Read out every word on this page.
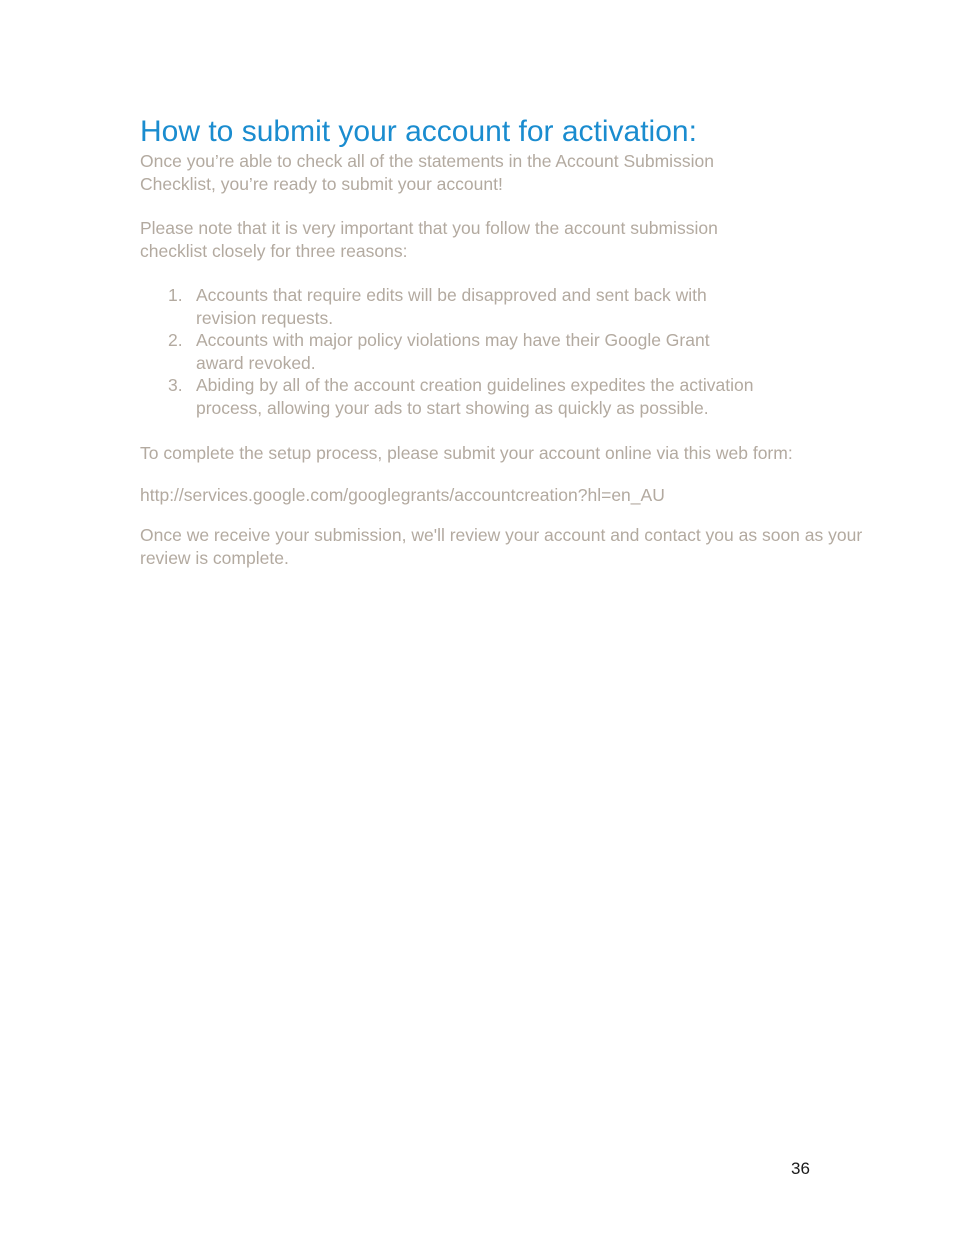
How to submit your account for activation:

Once you’re able to check all of the statements in the Account Submission Checklist, you’re ready to submit your account!

Please note that it is very important that you follow the account submission checklist closely for three reasons:

1. Accounts that require edits will be disapproved and sent back with revision requests.
2. Accounts with major policy violations may have their Google Grant award revoked.
3. Abiding by all of the account creation guidelines expedites the activation process, allowing your ads to start showing as quickly as possible.

To complete the setup process, please submit your account online via this web form:

http://services.google.com/googlegrants/accountcreation?hl=en_AU

Once we receive your submission, we'll review your account and contact you as soon as your review is complete.

36
